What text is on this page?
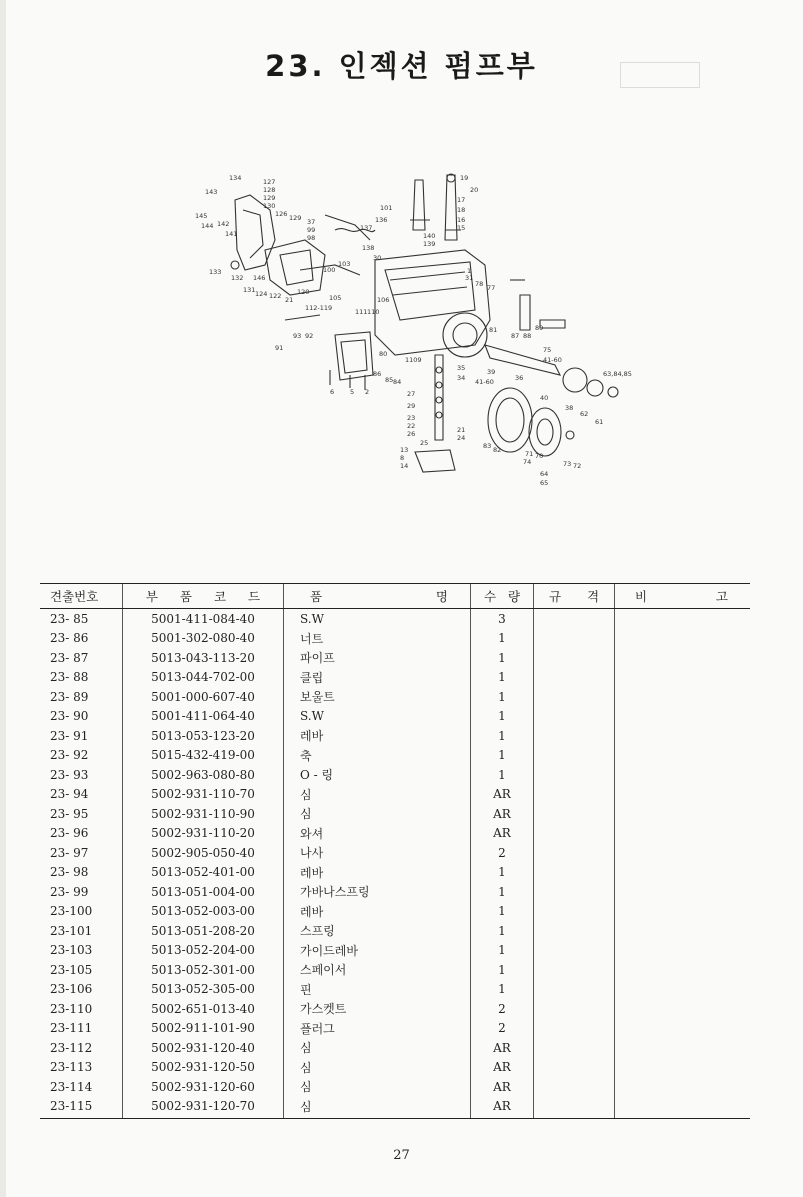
23. 인젝션 펌프부
134
143
145
144 142
141
127
128
129
130
126 129 37
99
98
137
136
101
138
140
139
19
20
17
18
16
15
30
100
103
133
132 146
131 124 122 21
120
105
112-119	111 110
106
31
78 77
81
87 88
89
91
93 92
80
86
85 84
1109
35
34
39
41-60	36
41-60
63,84,85
40
38
62
61
27
29
23
22
26	21
24
25	83 82	71 70
74
64
65
73 72
13
8
14
6 5 2
1
75
견출번호	부 품 코 드	품 명	수 량	규 격	비 고

23- 85	5001-411-084-40	S.W	3		
23- 86	5001-302-080-40	너트	1		
23- 87	5013-043-113-20	파이프	1		
23- 88	5013-044-702-00	클립	1		
23- 89	5001-000-607-40	보울트	1		
23- 90	5001-411-064-40	S.W	1		
23- 91	5013-053-123-20	레바	1		
23- 92	5015-432-419-00	축	1		
23- 93	5002-963-080-80	O - 링	1		
23- 94	5002-931-110-70	심	AR		
23- 95	5002-931-110-90	심	AR		
23- 96	5002-931-110-20	와셔	AR		
23- 97	5002-905-050-40	나사	2		
23- 98	5013-052-401-00	레바	1		
23- 99	5013-051-004-00	가바나스프링	1		
23-100	5013-052-003-00	레바	1		
23-101	5013-051-208-20	스프링	1		
23-103	5013-052-204-00	가이드레바	1		
23-105	5013-052-301-00	스페이서	1		
23-106	5013-052-305-00	핀	1		
23-110	5002-651-013-40	가스켓트	2		
23-111	5002-911-101-90	플러그	2		
23-112	5002-931-120-40	심	AR		
23-113	5002-931-120-50	심	AR		
23-114	5002-931-120-60	심	AR		
23-115	5002-931-120-70	심	AR		
27
